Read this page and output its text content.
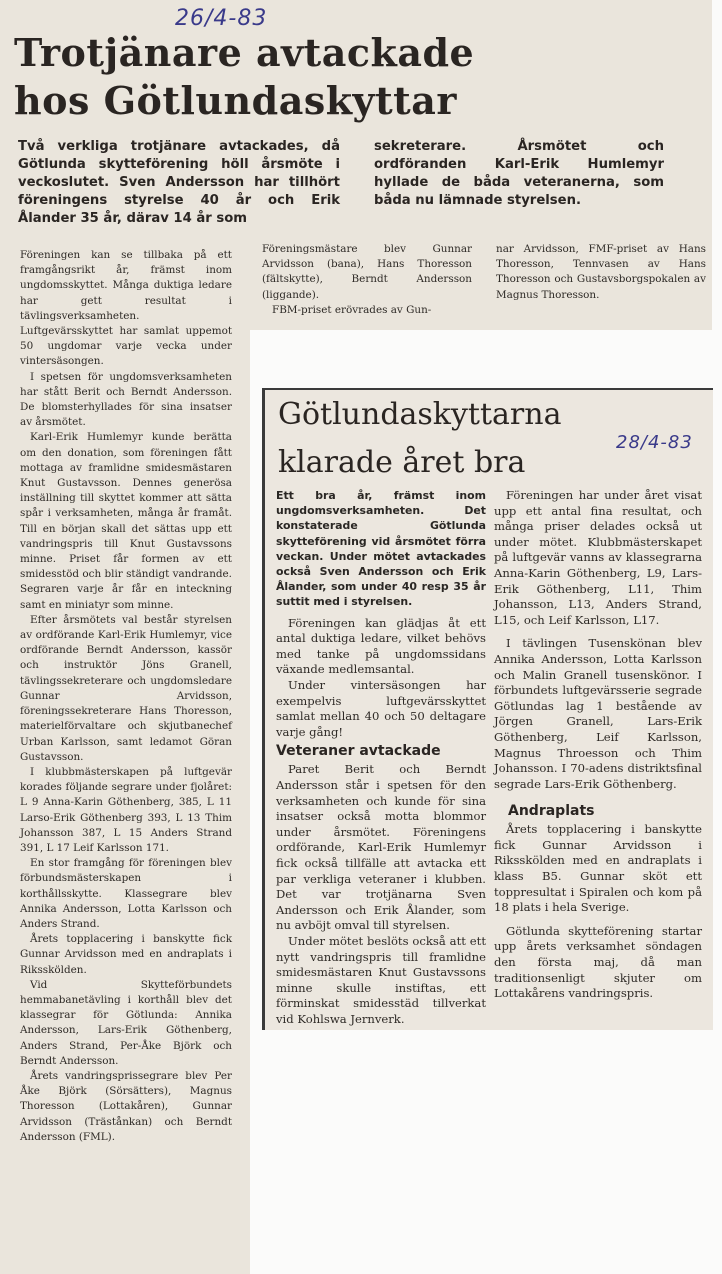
26/4-83
Trotjänare avtackade
hos Götlundaskyttar
Två verkliga trotjänare avtackades, då Götlunda skytteförening höll årsmöte i veckoslutet. Sven Andersson har tillhört föreningens styrelse 40 år och Erik Ålander 35 år, därav 14 år som
sekreterare. Årsmötet och ordföranden Karl-Erik Humlemyr hyllade de båda veteranerna, som båda nu lämnade styrelsen.

Föreningen kan se tillbaka på ett framgångsrikt år, främst inom ungdomsskyttet. Många duktiga ledare har gett resultat i tävlingsverksamheten. Luftgevärsskyttet har samlat uppemot 50 ungdomar varje vecka under vintersäsongen.

I spetsen för ungdomsverksamheten har stått Berit och Berndt Andersson. De blomsterhyllades för sina insatser av årsmötet.

Karl-Erik Humlemyr kunde berätta om den donation, som föreningen fått mottaga av framlidne smidesmästaren Knut Gustavsson. Dennes generösa inställning till skyttet kommer att sätta spår i verksamheten, många år framåt. Till en början skall det sättas upp ett vandringspris till Knut Gustavssons minne. Priset får formen av ett smidesstöd och blir ständigt vandrande. Segraren varje år får en inteckning samt en miniatyr som minne.

Efter årsmötets val består styrelsen av ordförande Karl-Erik Humlemyr, vice ordförande Berndt Andersson, kassör och instruktör Jöns Granell, tävlingssekreterare och ungdomsledare Gunnar Arvidsson, föreningssekreterare Hans Thoresson, materielförvaltare och skjutbanechef Urban Karlsson, samt ledamot Göran Gustavsson.

I klubbmästerskapen på luftgevär korades följande segrare under fjolåret: L 9 Anna-Karin Göthenberg, 385, L 11 Larso-Erik Göthenberg 393, L 13 Thim Johansson 387, L 15 Anders Strand 391, L 17 Leif Karlsson 171.

En stor framgång för föreningen blev förbundsmästerskapen i korthållsskytte. Klassegrare blev Annika Andersson, Lotta Karlsson och Anders Strand.

Årets topplacering i banskytte fick Gunnar Arvidsson med en andraplats i Riksskölden.

Vid Skytteförbundets hemmabanetävling i korthåll blev det klassegrar för Götlunda: Annika Andersson, Lars-Erik Göthenberg, Anders Strand, Per-Åke Björk och Berndt Andersson.

Årets vandringsprissegrare blev Per Åke Björk (Sörsätters), Magnus Thoresson (Lottakåren), Gunnar Arvidsson (Trästånkan) och Berndt Andersson (FML).

Föreningsmästare blev Gunnar Arvidsson (bana), Hans Thoresson (fältskytte), Berndt Andersson (liggande).

FBM-priset erövrades av Gun-

nar Arvidsson, FMF-priset av Hans Thoresson, Tennvasen av Hans Thoresson och Gustavsborgspokalen av Magnus Thoresson.

Götlundaskyttarna
klarade året bra
28/4-83
Ett bra år, främst inom ungdomsverksamheten. Det konstaterade Götlunda skytteförening vid årsmötet förra veckan. Under mötet avtackades också Sven Andersson och Erik Ålander, som under 40 resp 35 år suttit med i styrelsen.

Föreningen kan glädjas åt ett antal duktiga ledare, vilket behövs med tanke på ungdomssidans växande medlemsantal.

Under vintersäsongen har exempelvis luftgevärsskyttet samlat mellan 40 och 50 deltagare varje gång!

Veteraner avtackade

Paret Berit och Berndt Andersson står i spetsen för den verksamheten och kunde för sina insatser också motta blommor under årsmötet. Föreningens ordförande, Karl-Erik Humlemyr fick också tillfälle att avtacka ett par verkliga veteraner i klubben. Det var trotjänarna Sven Andersson och Erik Ålander, som nu avböjt omval till styrelsen.

Under mötet beslöts också att ett nytt vandringspris till framlidne smidesmästaren Knut Gustavssons minne skulle instiftas, ett förminskat smidesstäd tillverkat vid Kohlswa Jernverk.

Föreningen har under året visat upp ett antal fina resultat, och många priser delades också ut under mötet. Klubbmästerskapet på luftgevär vanns av klassegrarna Anna-Karin Göthenberg, L9, Lars-Erik Göthenberg, L11, Thim Johansson, L13, Anders Strand, L15, och Leif Karlsson, L17.

I tävlingen Tusenskönan blev Annika Andersson, Lotta Karlsson och Malin Granell tusenskönor. I förbundets luftgevärsserie segrade Götlundas lag 1 bestående av Jörgen Granell, Lars-Erik Göthenberg, Leif Karlsson, Magnus Throesson och Thim Johansson. I 70-adens distriktsfinal segrade Lars-Erik Göthenberg.

Andraplats

Årets topplacering i banskytte fick Gunnar Arvidsson i Riksskölden med en andraplats i klass B5. Gunnar sköt ett toppresultat i Spiralen och kom på 18 plats i hela Sverige.

Götlunda skytteförening startar upp årets verksamhet söndagen den första maj, då man traditionsenligt skjuter om Lottakårens vandringspris.
